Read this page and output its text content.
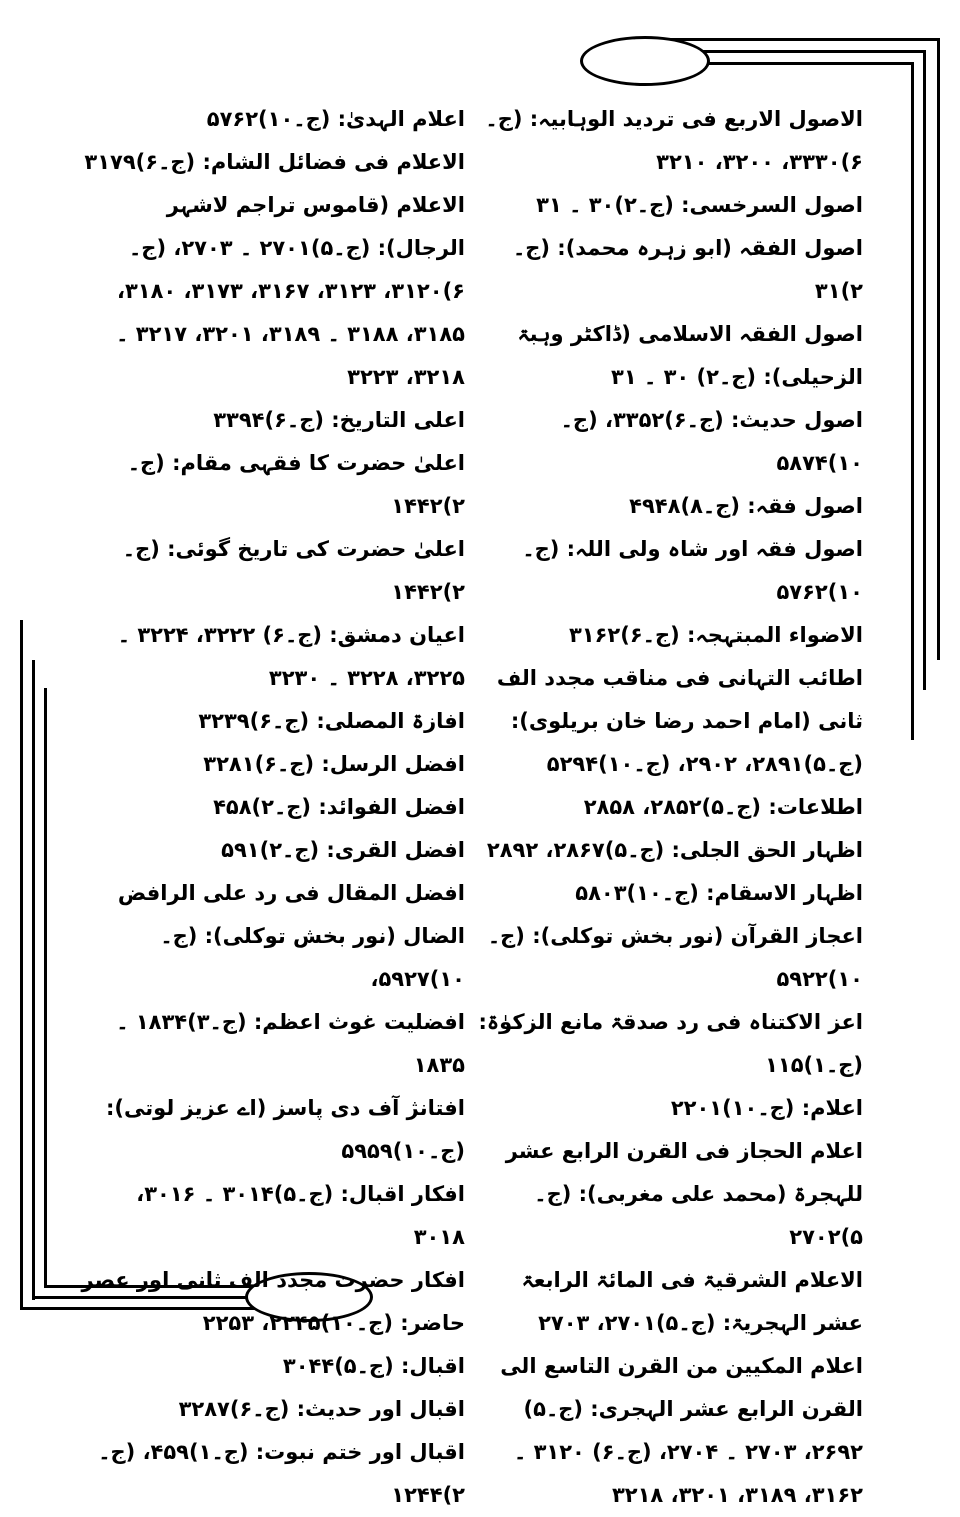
الاصول الاربع فی تردید الوہابیہ: (ج۔۶)۳۳۳۰، ۳۲۰۰، ۳۲۱۰

اصول السرخسی: (ج۔۲)۳۰ ۔ ۳۱

اصول الفقہ (ابو زہرہ محمد): (ج۔۲)۳۱

اصول الفقہ الاسلامی (ڈاکٹر وہبۃ الزحیلی): (ج۔۲) ۳۰ ۔ ۳۱

اصول حدیث: (ج۔۶)۳۳۵۲، (ج۔۱۰)۵۸۷۴

اصول فقہ: (ج۔۸)۴۹۴۸

اصول فقہ اور شاہ ولی اللہ: (ج۔۱۰)۵۷۶۲

الاضواء المبتہجہ: (ج۔۶)۳۱۶۲

اطائب التہانی فی مناقب مجدد الف ثانی (امام احمد رضا خان بریلوی): (ج۔۵)۲۸۹۱، ۲۹۰۲، (ج۔۱۰)۵۲۹۴

اطلاعات: (ج۔۵)۲۸۵۲، ۲۸۵۸

اظہار الحق الجلی: (ج۔۵)۲۸۶۷، ۲۸۹۲

اظہار الاسقام: (ج۔۱۰)۵۸۰۳

اعجاز القرآن (نور بخش توکلی): (ج۔۱۰)۵۹۲۲

اعز الاکتناہ فی رد صدقۃ مانع الزکوٰۃ: (ج۔۱)۱۱۵

اعلام: (ج۔۱۰)۲۲۰۱

اعلام الحجاز فی القرن الرابع عشر للہجرۃ (محمد علی مغربی): (ج۔۵)۲۷۰۲

الاعلام الشرقیۃ فی المائۃ الرابعۃ عشر الہجریۃ: (ج۔۵)۲۷۰۱، ۲۷۰۳

اعلام المکیین من القرن التاسع الی القرن الرابع عشر الہجری: (ج۔۵) ۲۶۹۲، ۲۷۰۳ ۔ ۲۷۰۴، (ج۔۶) ۳۱۲۰ ۔ ۳۱۶۲، ۳۱۸۹، ۳۲۰۱، ۳۲۱۸

اعلام الہدیٰ: (ج۔۱۰)۵۷۶۲

الاعلام فی فضائل الشام: (ج۔۶)۳۱۷۹

الاعلام (قاموس تراجم لاشہر الرجال): (ج۔۵)۲۷۰۱ ۔ ۲۷۰۳، (ج۔۶)۳۱۲۰، ۳۱۲۳، ۳۱۶۷، ۳۱۷۳، ۳۱۸۰، ۳۱۸۵، ۳۱۸۸ ۔ ۳۱۸۹، ۳۲۰۱، ۳۲۱۷ ۔ ۳۲۱۸، ۳۲۲۳

اعلی التاریخ: (ج۔۶)۳۳۹۴

اعلیٰ حضرت کا فقہی مقام: (ج۔۲)۱۴۴۲

اعلیٰ حضرت کی تاریخ گوئی: (ج۔۲)۱۴۴۲

اعیان دمشق: (ج۔۶) ۳۲۲۲، ۳۲۲۴ ۔ ۳۲۲۵، ۳۲۲۸ ۔ ۳۲۳۰

افازۃ المصلی: (ج۔۶)۳۲۳۹

افضل الرسل: (ج۔۶)۳۲۸۱

افضل الفوائد: (ج۔۲)۴۵۸

افضل القری: (ج۔۲)۵۹۱

افضل المقال فی رد علی الرافض الضال (نور بخش توکلی): (ج۔۱۰)۵۹۲۷،

افضلیت غوث اعظم: (ج۔۳)۱۸۳۴ ۔ ۱۸۳۵

افتانژ آف دی پاسز (اے عزیز لوتی): (ج۔۱۰)۵۹۵۹

افکار اقبال: (ج۔۵)۳۰۱۴ ۔ ۳۰۱۶، ۳۰۱۸

افکار حضرت مجدد الف ثانی اور عصر حاضر: (ج۔۱۰)۲۲۴۵، ۲۲۵۳

اقبال: (ج۔۵)۳۰۴۴

اقبال اور حدیث: (ج۔۶)۳۲۸۷

اقبال اور ختم نبوت: (ج۔۱)۴۵۹، (ج۔۲)۱۲۴۴
